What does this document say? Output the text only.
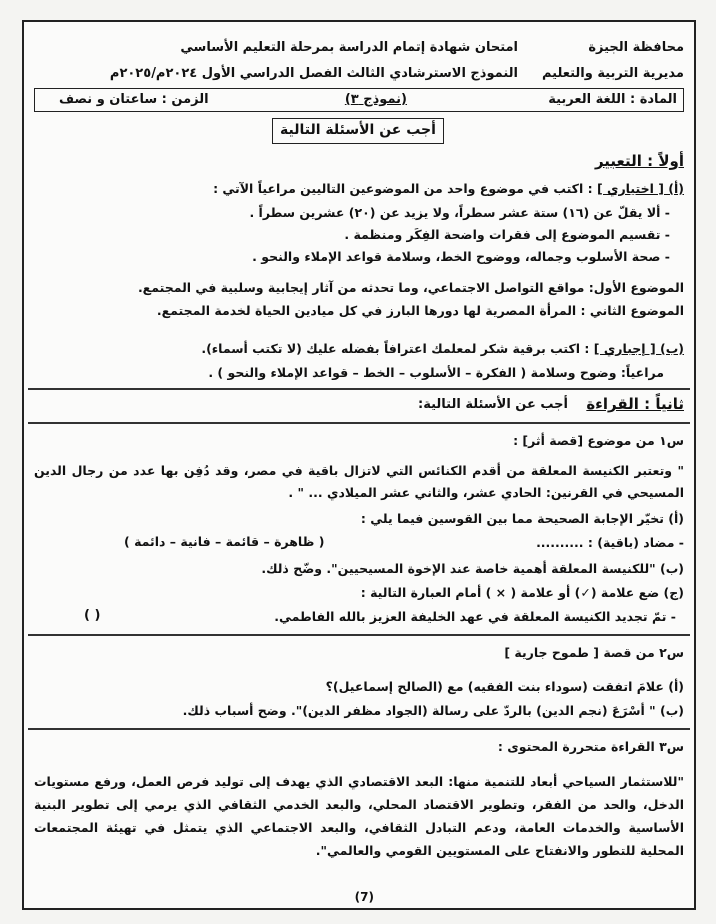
محافظة الجيزة
امتحان شهادة إتمام الدراسة بمرحلة التعليم الأساسي
مديرية التربية والتعليم
النموذج الاسترشادي الثالث الفصل الدراسي الأول ٢٠٢٤م/٢٠٢٥م
المادة : اللغة العربية
(نموذج ٣)
الزمن : ساعتان و نصف
أجب عن الأسئلة التالية
أولاً : التعبير
(أ) [ اختياري ] : اكتب في موضوع واحد من الموضوعين التاليين مراعياً الآتي :
- ألا يقلّ عن (١٦) ستة عشر سطراً، ولا يزيد عن (٢٠) عشرين سطراً .
- تقسيم الموضوع إلى فقرات واضحة الفِكَر ومنظمة .
- صحة الأسلوب وجماله، ووضوح الخط، وسلامة قواعد الإملاء والنحو .
الموضوع الأول: مواقع التواصل الاجتماعي، وما تحدثه من آثار إيجابية وسلبية في المجتمع.
الموضوع الثاني : المرأة المصرية لها دورها البارز في كل ميادين الحياة لخدمة المجتمع.
(ب) [ إجباري ] : اكتب برقية شكر لمعلمك اعترافاً بفضله عليك (لا تكتب أسماء).
مراعياً: وضوح وسلامة ( الفكرة – الأسلوب – الخط – قواعد الإملاء والنحو ) .
ثانياً : القراءة
أجب عن الأسئلة التالية:
س١ من موضوع [قصة أثر] :
" وتعتبر الكنيسة المعلقة من أقدم الكنائس التي لاتزال باقية في مصر، وقد دُفِن بها عدد من رجال الدين المسيحي في القرنين: الحادي عشر، والثاني عشر الميلادي ... " .
(أ) تخيّر الإجابة الصحيحة مما بين القوسين فيما يلي :
- مضاد (باقية) : ..........
( ظاهرة – قائمة – فانية – دائمة )
(ب) "للكنيسة المعلقة أهمية خاصة عند الإخوة المسيحيين". وضّح ذلك.
(ج) ضع علامة (✓) أو علامة ( × ) أمام العبارة التالية :
- تمّ تجديد الكنيسة المعلقة في عهد الخليفة العزيز بالله الفاطمي.
( )
س٢ من قصة [ طموح جارية ]
(أ) علامَ اتفقت (سوداء بنت الفقيه) مع (الصالح إسماعيل)؟
(ب) " أسْرَعَ (نجم الدين) بالردّ على رسالة (الجواد مظفر الدين)". وضح أسباب ذلك.
س٣ القراءة متحررة المحتوى :
"للاستثمار السياحي أبعاد للتنمية منها: البعد الاقتصادي الذي يهدف إلى توليد فرص العمل، ورفع مستويات الدخل، والحد من الفقر، وتطوير الاقتصاد المحلي، والبعد الخدمي الثقافي الذي يرمي إلى تطوير البنية الأساسية والخدمات العامة، ودعم التبادل الثقافي، والبعد الاجتماعي الذي يتمثل في تهيئة المجتمعات المحلية للتطور والانفتاح على المستويين القومي والعالمي".
(7)
